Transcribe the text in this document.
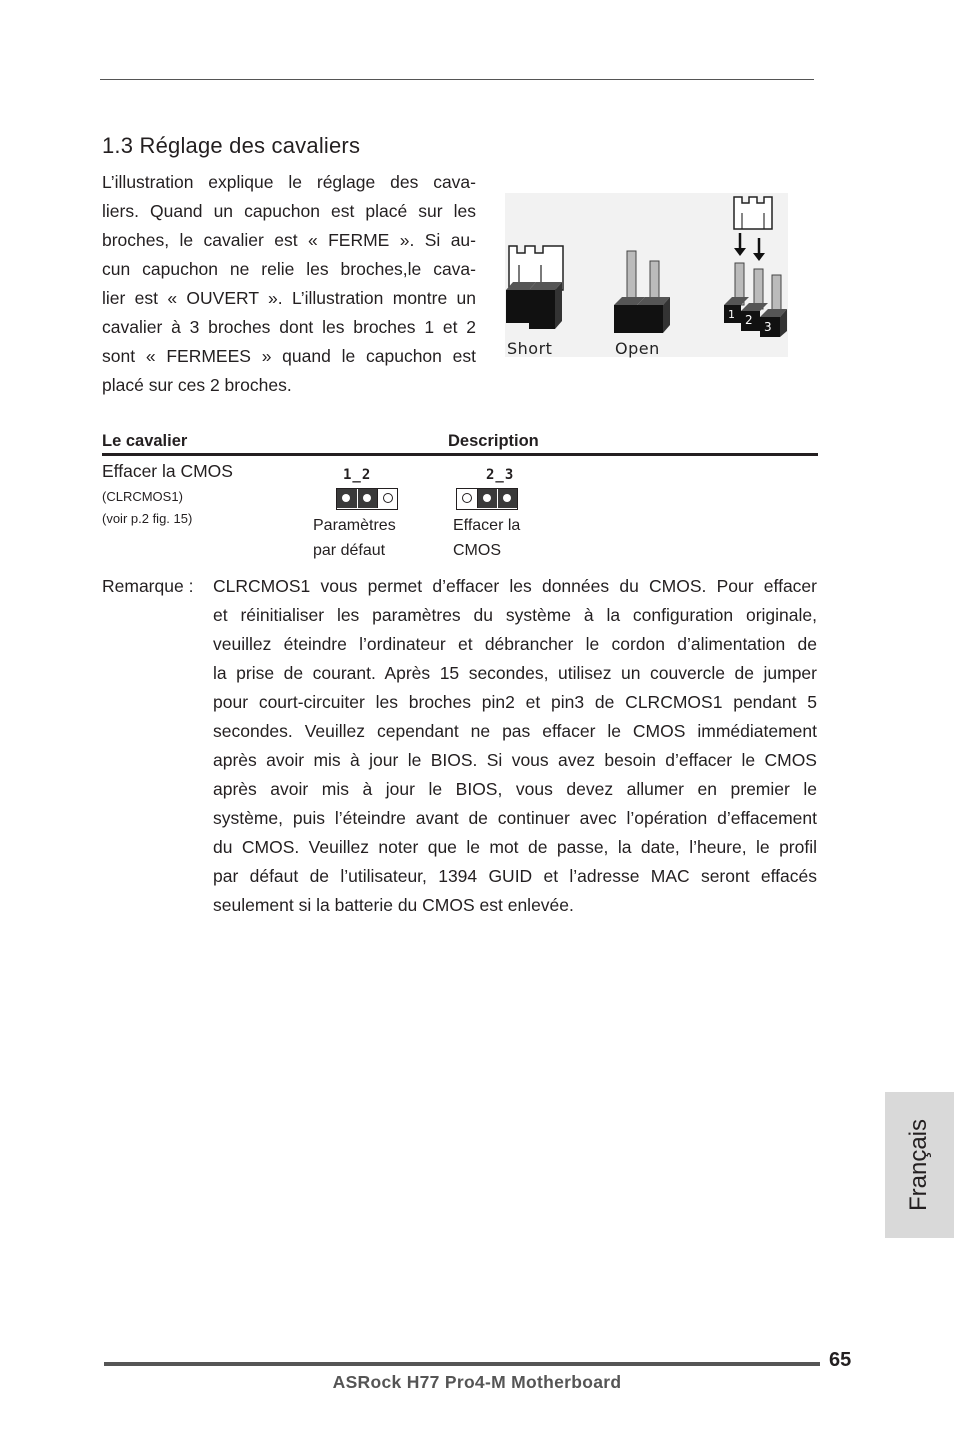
1.3 Réglage des cavaliers
L’illustration explique le réglage des cava-
liers. Quand un capuchon est placé sur les
broches, le cavalier est « FERME ». Si au-
cun capuchon ne relie les broches,le cava-
lier est « OUVERT ». L’illustration montre un
cavalier à 3 broches dont les broches 1 et 2
sont « FERMEES » quand le capuchon est
placé sur ces 2 broches.
1 2 3
Short	Open
Le cavalier	Description
Effacer la CMOS
(CLRCMOS1)
(voir p.2 fig. 15)
1_2
Paramètres
par défaut
2_3
Effacer la
CMOS
Remarque : CLRCMOS1 vous permet d’effacer les données du CMOS. Pour effacer
et réinitialiser les paramètres du système à la configuration originale,
veuillez éteindre l’ordinateur et débrancher le cordon d’alimentation de
la prise de courant. Après 15 secondes, utilisez un couvercle de jumper
pour court-circuiter les broches pin2 et pin3 de CLRCMOS1 pendant 5
secondes. Veuillez cependant ne pas effacer le CMOS immédiatement
après avoir mis à jour le BIOS. Si vous avez besoin d’effacer le CMOS
après avoir mis à jour le BIOS, vous devez allumer en premier le
système, puis l’éteindre avant de continuer avec l’opération d’effacement
du CMOS. Veuillez noter que le mot de passe, la date, l’heure, le profil
par défaut de l’utilisateur, 1394 GUID et l’adresse MAC seront effacés
seulement si la batterie du CMOS est enlevée.
Français
65
ASRock H77 Pro4-M Motherboard
